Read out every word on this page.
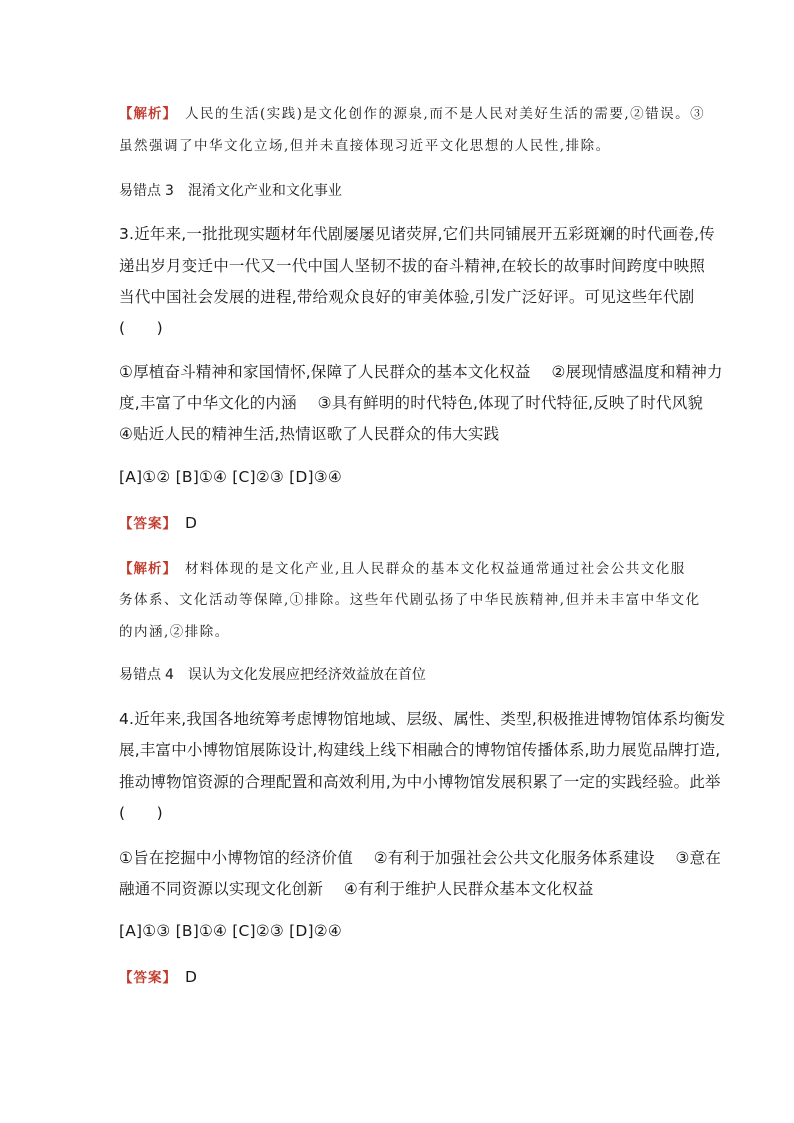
【解析】 人民的生活(实践)是文化创作的源泉,而不是人民对美好生活的需要,②错误。③
虽然强调了中华文化立场,但并未直接体现习近平文化思想的人民性,排除。
易错点 3 混淆文化产业和文化事业
3.近年来,一批批现实题材年代剧屡屡见诸荧屏,它们共同铺展开五彩斑斓的时代画卷,传
递出岁月变迁中一代又一代中国人坚韧不拔的奋斗精神,在较长的故事时间跨度中映照
当代中国社会发展的进程,带给观众良好的审美体验,引发广泛好评。可见这些年代剧
(　　)
①厚植奋斗精神和家国情怀,保障了人民群众的基本文化权益　 ②展现情感温度和精神力
度,丰富了中华文化的内涵　 ③具有鲜明的时代特色,体现了时代特征,反映了时代风貌
④贴近人民的精神生活,热情讴歌了人民群众的伟大实践
[A]①② [B]①④ [C]②③ [D]③④
【答案】 D
【解析】 材料体现的是文化产业,且人民群众的基本文化权益通常通过社会公共文化服
务体系、文化活动等保障,①排除。这些年代剧弘扬了中华民族精神,但并未丰富中华文化
的内涵,②排除。
易错点 4 误认为文化发展应把经济效益放在首位
4.近年来,我国各地统筹考虑博物馆地域、层级、属性、类型,积极推进博物馆体系均衡发
展,丰富中小博物馆展陈设计,构建线上线下相融合的博物馆传播体系,助力展览品牌打造,
推动博物馆资源的合理配置和高效利用,为中小博物馆发展积累了一定的实践经验。此举
(　　)
①旨在挖掘中小博物馆的经济价值　 ②有利于加强社会公共文化服务体系建设　 ③意在
融通不同资源以实现文化创新　 ④有利于维护人民群众基本文化权益
[A]①③ [B]①④ [C]②③ [D]②④
【答案】 D
